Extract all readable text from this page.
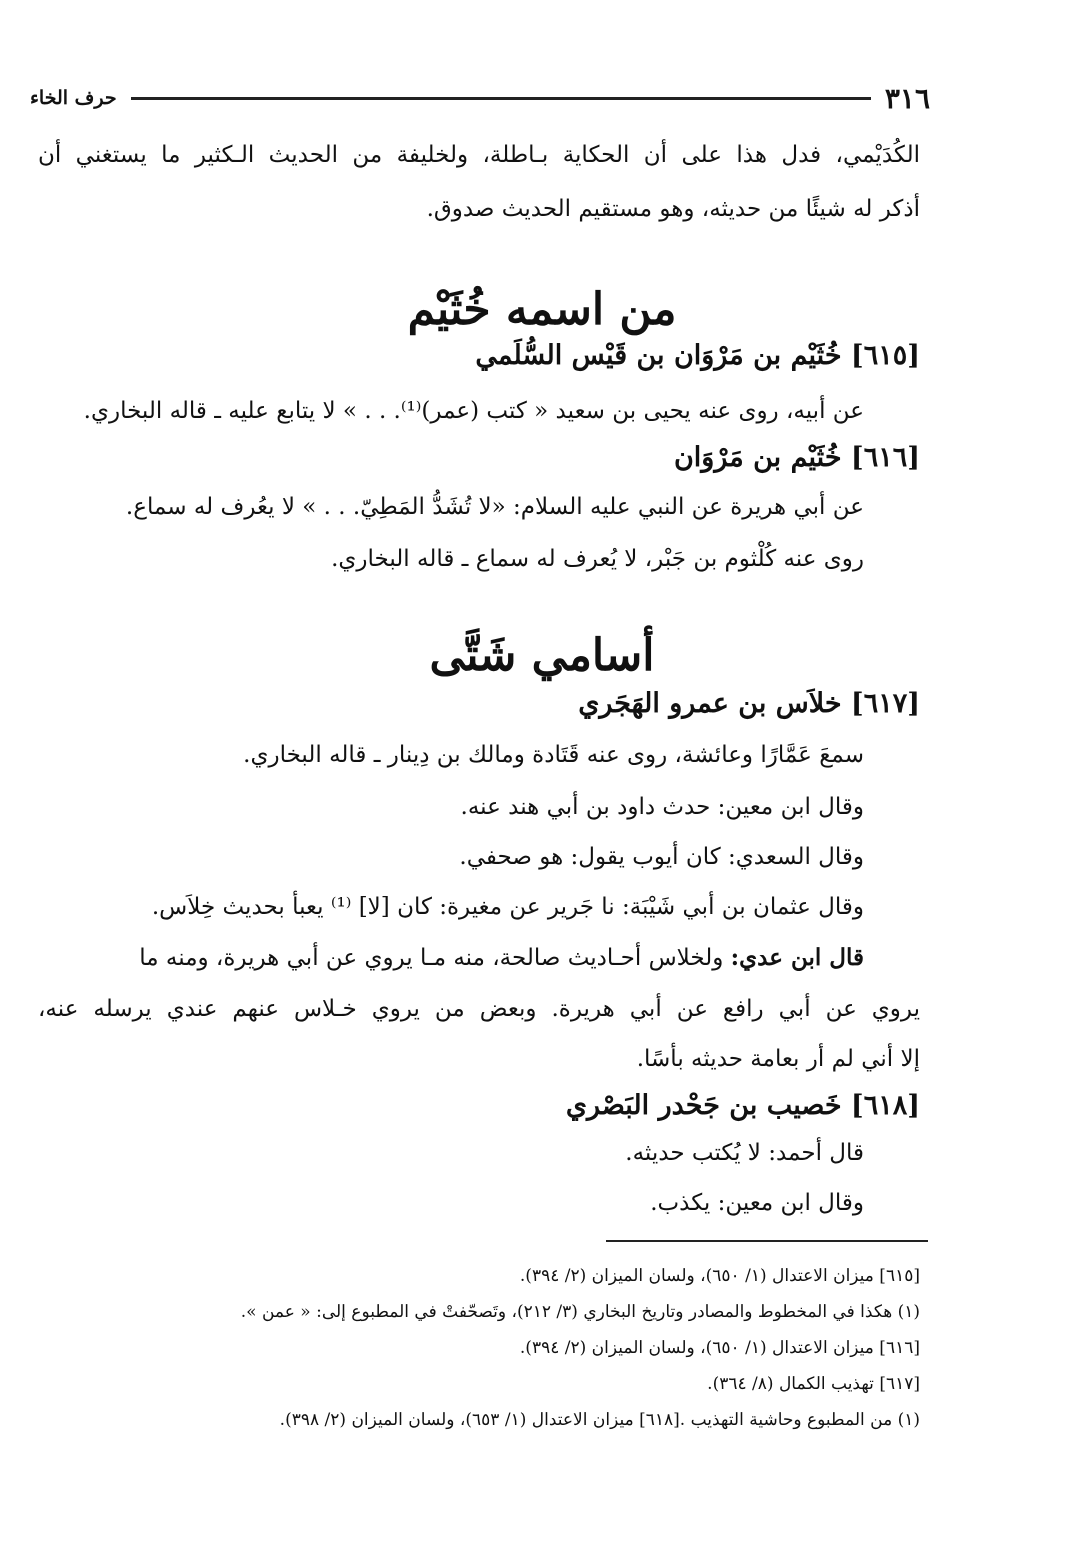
حرف الخاء	٣١٦
الكُدَيْمي، فدل هذا على أن الحكاية بـاطلة، ولخليفة من الحديث الـكثير ما يستغني أن
أذكر له شيئًا من حديثه، وهو مستقيم الحديث صدوق.
من اسمه خُثَيْم
[٦١٥] خُثَيْم بن مَرْوَان بن قَيْس السُّلَمي
عن أبيه، روى عنه يحيى بن سعيد « كتب (عمر)⁽¹⁾. . . » لا يتابع عليه ـ قاله البخاري.
[٦١٦] خُثَيْم بن مَرْوَان
عن أبي هريرة عن النبي عليه السلام: «لا تُشَدُّ المَطِيّ. . . » لا يعُرف له سماع.
روى عنه كُلْثوم بن جَبْر، لا يُعرف له سماع ـ قاله البخاري.
أسامي شَتَّى
[٦١٧] خلاَس بن عمرو الهَجَري
سمعَ عَمَّارًا وعائشة، روى عنه قَتَادة ومالك بن دِينار ـ قاله البخاري.
وقال ابن معين: حدث داود بن أبي هند عنه.
وقال السعدي: كان أيوب يقول: هو صحفي.
وقال عثمان بن أبي شَيْبَة: نا جَرير عن مغيرة: كان [لا] ⁽¹⁾ يعبأ بحديث خِلاَس.
قال ابن عدي: ولخلاس أحـاديث صالحة، منه مـا يروي عن أبي هريرة، ومنه ما
يروي عن أبي رافع عن أبي هريرة. وبعض من يروي خـلاس عنهم عندي يرسله عنه،
إلا أني لم أر بعامة حديثه بأسًا.
[٦١٨] خَصيب بن جَحْدر البَصْري
قال أحمد: لا يُكتب حديثه.
وقال ابن معين: يكذب.
[٦١٥] ميزان الاعتدال (١/ ٦٥٠)، ولسان الميزان (٢/ ٣٩٤).
(١) هكذا في المخطوط والمصادر وتاريخ البخاري (٣/ ٢١٢)، وتَصحّفتْ في المطبوع إلى: « عمن ».
[٦١٦] ميزان الاعتدال (١/ ٦٥٠)، ولسان الميزان (٢/ ٣٩٤).
[٦١٧] تهذيب الكمال (٨/ ٣٦٤).
(١) من المطبوع وحاشية التهذيب .[٦١٨] ميزان الاعتدال (١/ ٦٥٣)، ولسان الميزان (٢/ ٣٩٨).
